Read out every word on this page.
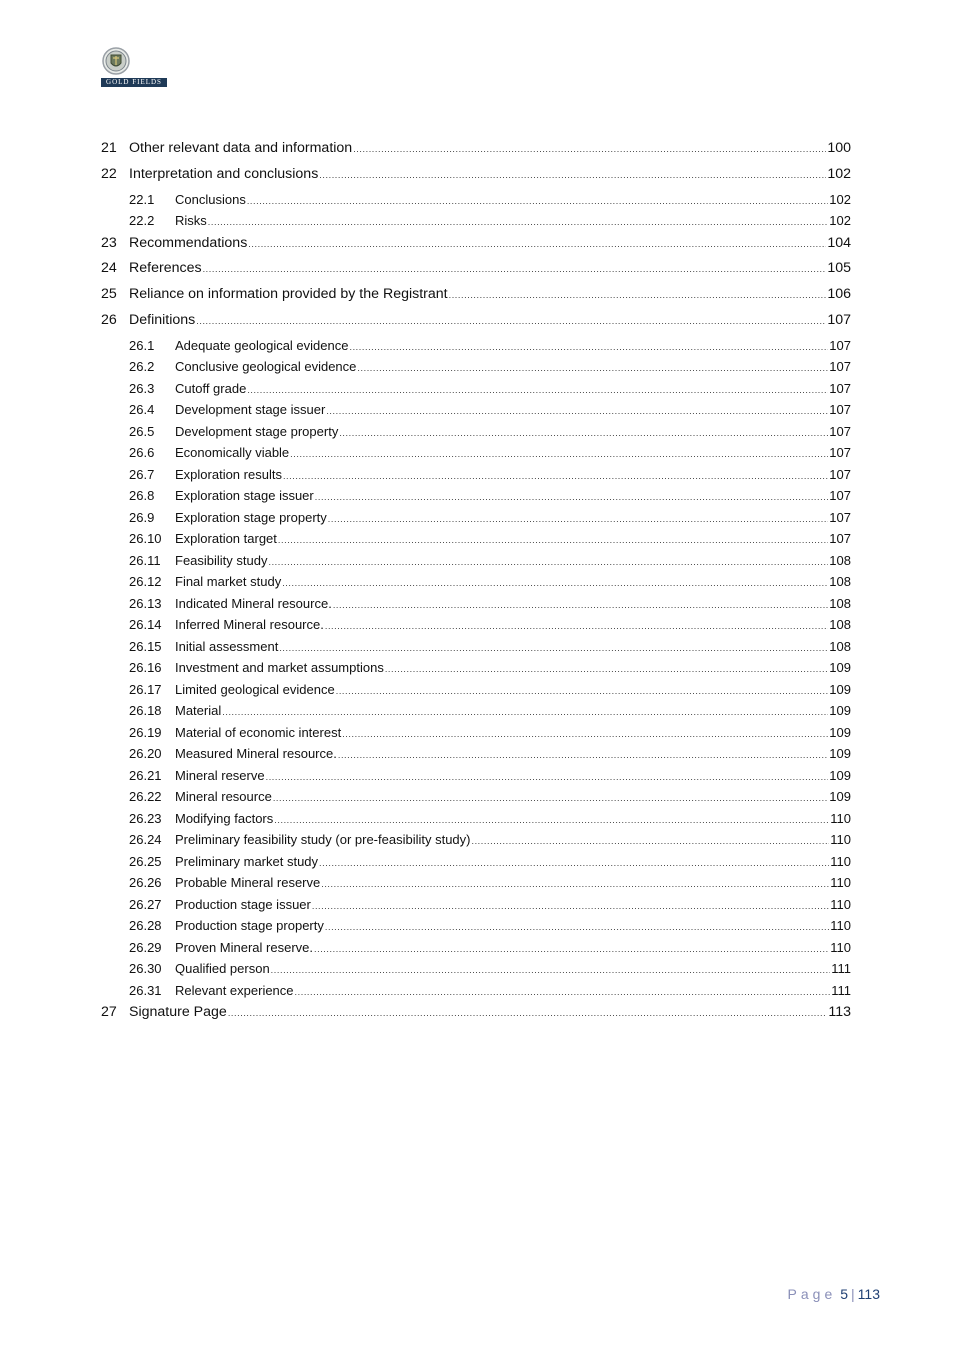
GOLD FIELDS
21 Other relevant data and information .....	100
22 Interpretation and conclusions .....	102
22.1	Conclusions .....	102
22.2	Risks .....	102
23 Recommendations .....	104
24 References .....	105
25 Reliance on information provided by the Registrant .....	106
26 Definitions .....	107
26.1	Adequate geological evidence .....	107
26.2	Conclusive geological evidence .....	107
26.3	Cutoff grade .....	107
26.4	Development stage issuer .....	107
26.5	Development stage property .....	107
26.6	Economically viable .....	107
26.7	Exploration results .....	107
26.8	Exploration stage issuer .....	107
26.9	Exploration stage property .....	107
26.10	Exploration target .....	107
26.11	Feasibility study .....	108
26.12	Final market study .....	108
26.13	Indicated Mineral resource. .....	108
26.14	Inferred Mineral resource. .....	108
26.15	Initial assessment .....	108
26.16	Investment and market assumptions .....	109
26.17	Limited geological evidence .....	109
26.18	Material .....	109
26.19	Material of economic interest .....	109
26.20	Measured Mineral resource. .....	109
26.21	Mineral reserve .....	109
26.22	Mineral resource .....	109
26.23	Modifying factors .....	110
26.24	Preliminary feasibility study (or pre-feasibility study) .....	110
26.25	Preliminary market study .....	110
26.26	Probable Mineral reserve .....	110
26.27	Production stage issuer .....	110
26.28	Production stage property .....	110
26.29	Proven Mineral reserve. .....	110
26.30	Qualified person .....	111
26.31	Relevant experience .....	111
27 Signature Page .....	113
Page 5 | 113
